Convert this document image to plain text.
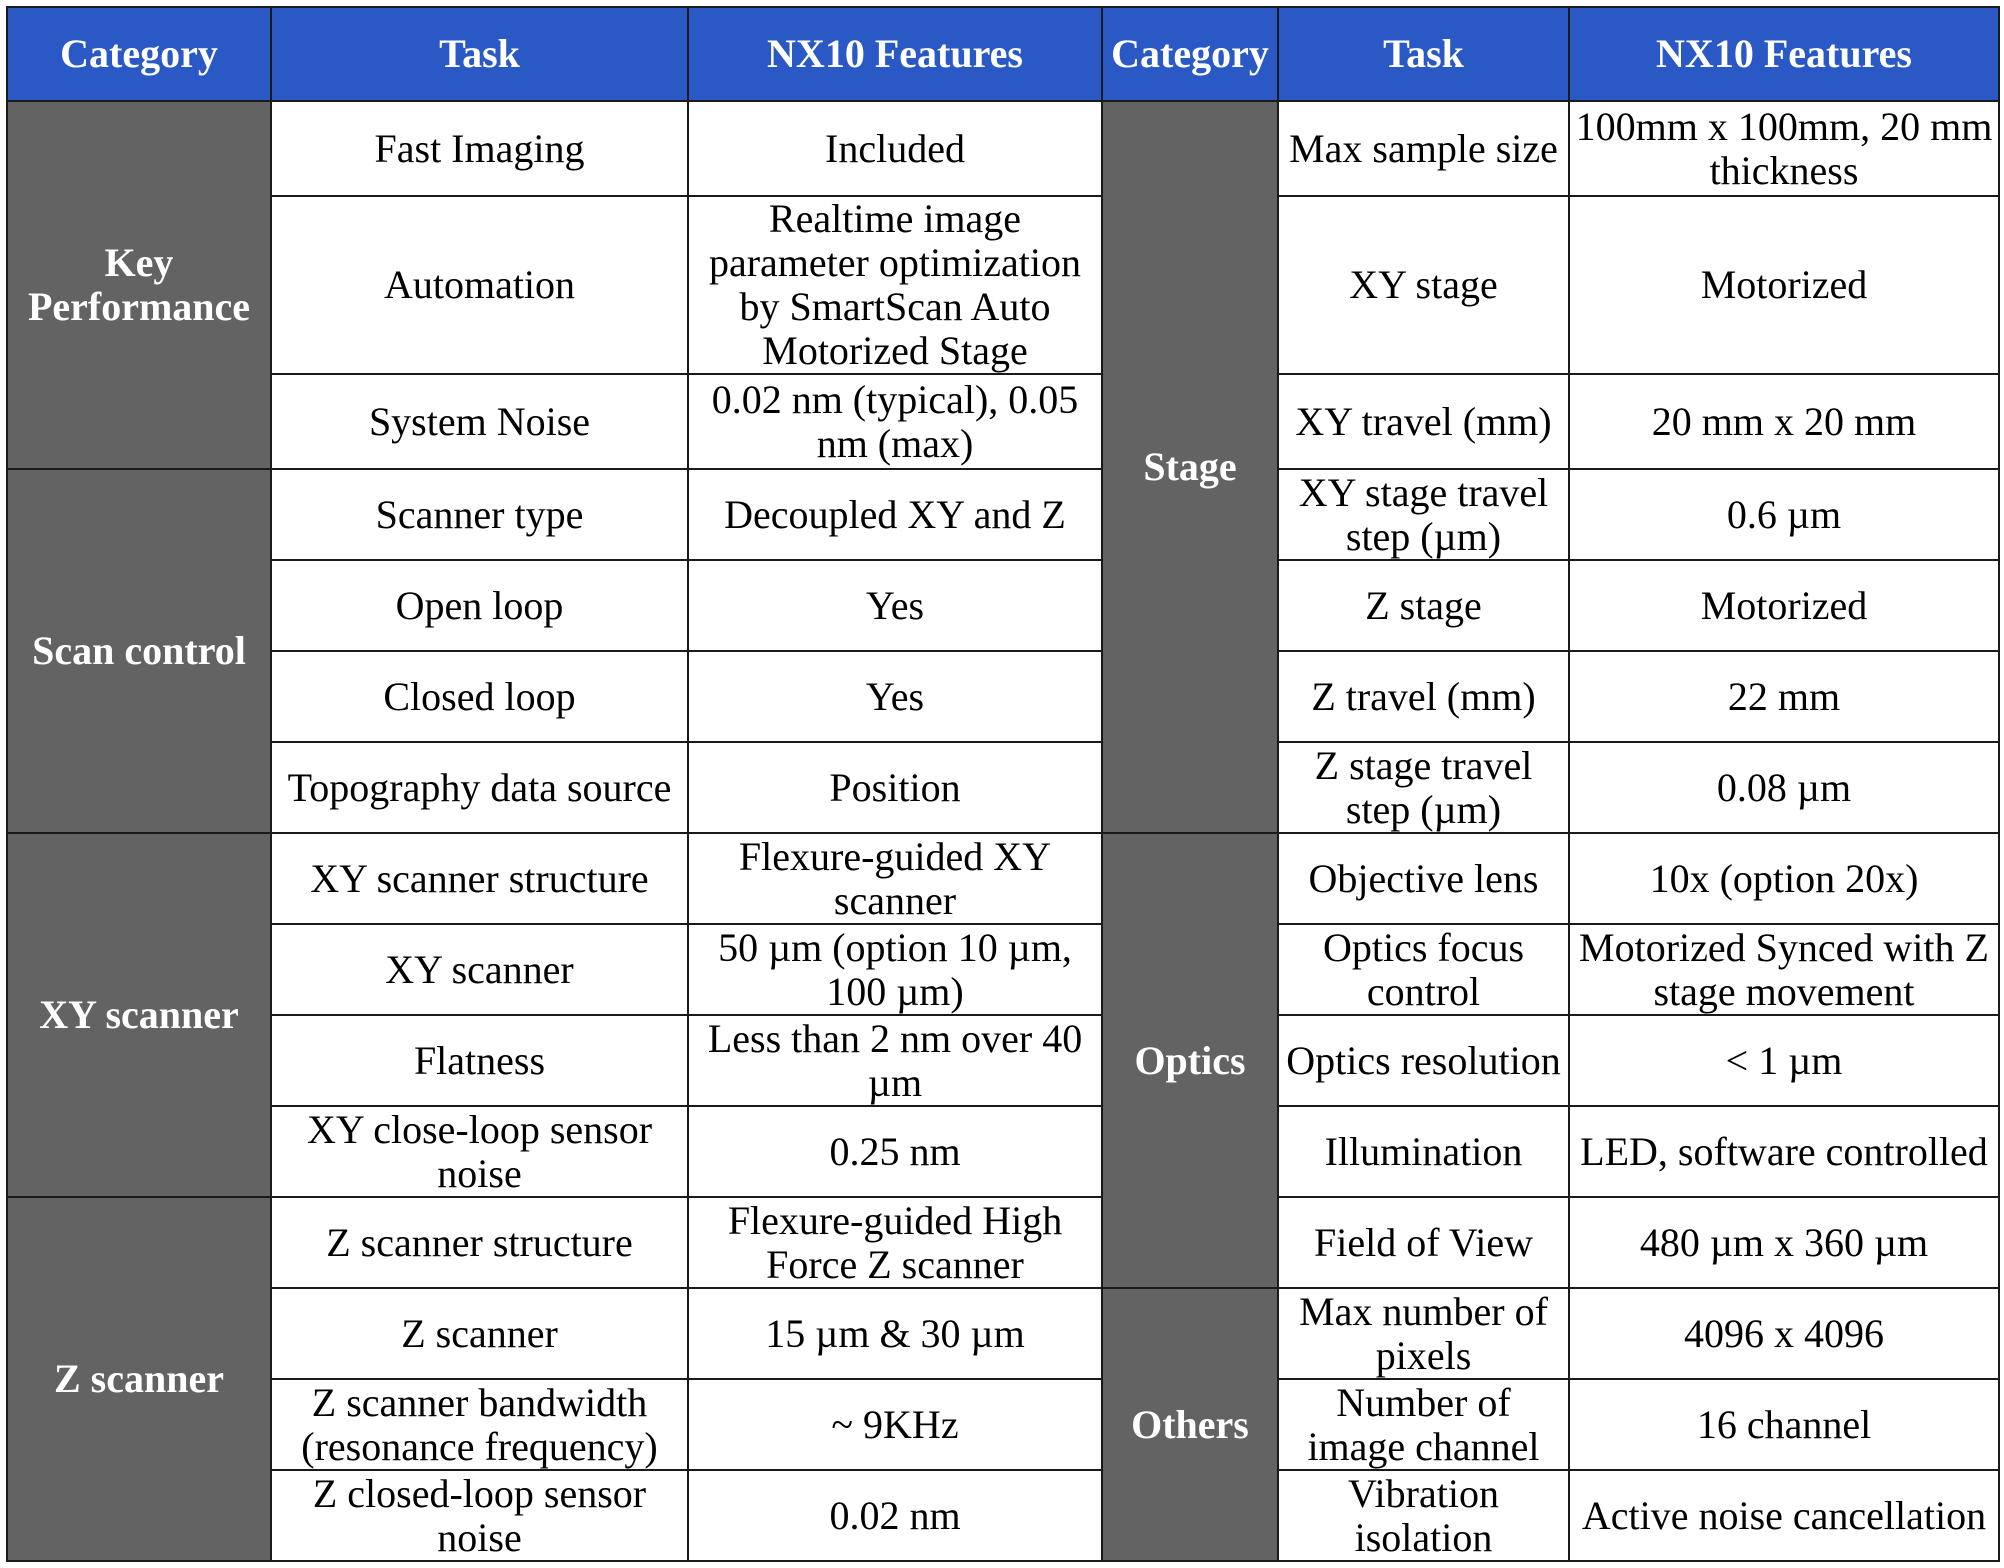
Category	Task	NX10 Features	Category	Task	NX10 Features
Key Performance	Fast Imaging	Included	Stage	Max sample size	100mm x 100mm, 20 mm thickness
	Automation	Realtime image parameter optimization by SmartScan Auto Motorized Stage		XY stage	Motorized
	System Noise	0.02 nm (typical), 0.05 nm (max)		XY travel (mm)	20 mm x 20 mm
Scan control	Scanner type	Decoupled XY and Z		XY stage travel step (µm)	0.6 µm
	Open loop	Yes		Z stage	Motorized
	Closed loop	Yes		Z travel (mm)	22 mm
	Topography data source	Position		Z stage travel step (µm)	0.08 µm
XY scanner	XY scanner structure	Flexure-guided XY scanner	Optics	Objective lens	10x (option 20x)
	XY scanner	50 µm (option 10 µm, 100 µm)		Optics focus control	Motorized Synced with Z stage movement
	Flatness	Less than 2 nm over 40 µm		Optics resolution	< 1 µm
	XY close-loop sensor noise	0.25 nm		Illumination	LED, software controlled
Z scanner	Z scanner structure	Flexure-guided High Force Z scanner		Field of View	480 µm x 360 µm
	Z scanner	15 µm & 30 µm	Others	Max number of pixels	4096 x 4096
	Z scanner bandwidth (resonance frequency)	~ 9KHz		Number of image channel	16 channel
	Z closed-loop sensor noise	0.02 nm		Vibration isolation	Active noise cancellation
